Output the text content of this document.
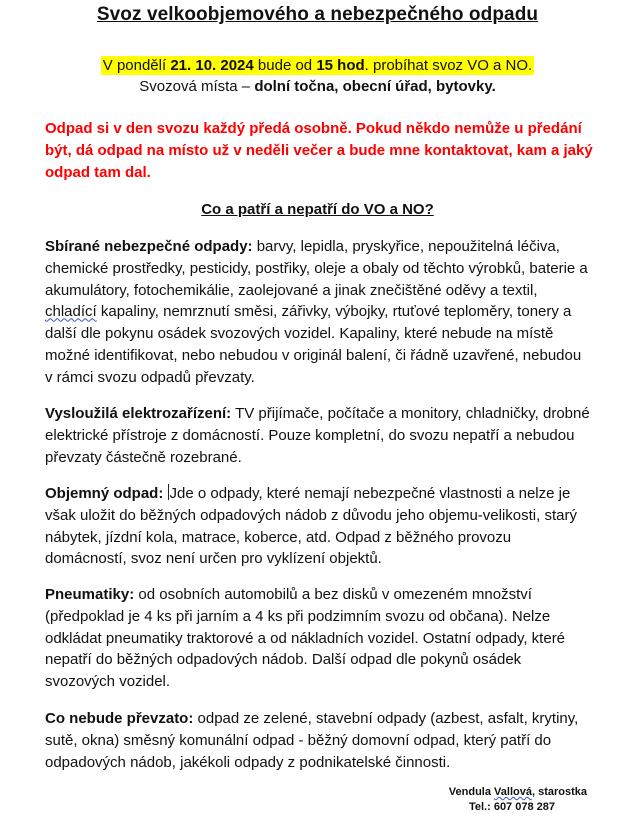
Svoz velkoobjemového a nebezpečného odpadu
V pondělí 21. 10. 2024 bude od 15 hod. probíhat svoz VO a NO.
Svozová místa – dolní točna, obecní úřad, bytovky.
Odpad si v den svozu každý předá osobně. Pokud někdo nemůže u předání být, dá odpad na místo už v neděli večer a bude mne kontaktovat, kam a jaký odpad tam dal.
Co a patří a nepatří do VO a NO?
Sbírané nebezpečné odpady: barvy, lepidla, pryskyřice, nepoužitelná léčiva, chemické prostředky, pesticidy, postřiky, oleje a obaly od těchto výrobků, baterie a akumulátory, fotochemikálie, zaolejované a jinak znečištěné oděvy a textil, chladící kapaliny, nemrznutí směsi, zářivky, výbojky, rtuťové teploměry, tonery a další dle pokynu osádek svozových vozidel. Kapaliny, které nebude na místě možné identifikovat, nebo nebudou v originál balení, či řádně uzavřené, nebudou v rámci svozu odpadů převzaty.
Vysloužilá elektrozařízení: TV přijímače, počítače a monitory, chladničky, drobné elektrické přístroje z domácností. Pouze kompletní, do svozu nepatří a nebudou převzaty částečně rozebrané.
Objemný odpad: Jde o odpady, které nemají nebezpečné vlastnosti a nelze je však uložit do běžných odpadových nádob z důvodu jeho objemu-velikosti, starý nábytek, jízdní kola, matrace, koberce, atd. Odpad z běžného provozu domácností, svoz není určen pro vyklízení objektů.
Pneumatiky: od osobních automobilů a bez disků v omezeném množství (předpoklad je 4 ks při jarním a 4 ks při podzimním svozu od občana). Nelze odkládat pneumatiky traktorové a od nákladních vozidel. Ostatní odpady, které nepatří do běžných odpadových nádob. Další odpad dle pokynů osádek svozových vozidel.
Co nebude převzato: odpad ze zelené, stavební odpady (azbest, asfalt, krytiny, sutě, okna) směsný komunální odpad - běžný domovní odpad, který patří do odpadových nádob, jakékoli odpady z podnikatelské činnosti.
Vendula Vallová, starostka
Tel.: 607 078 287
